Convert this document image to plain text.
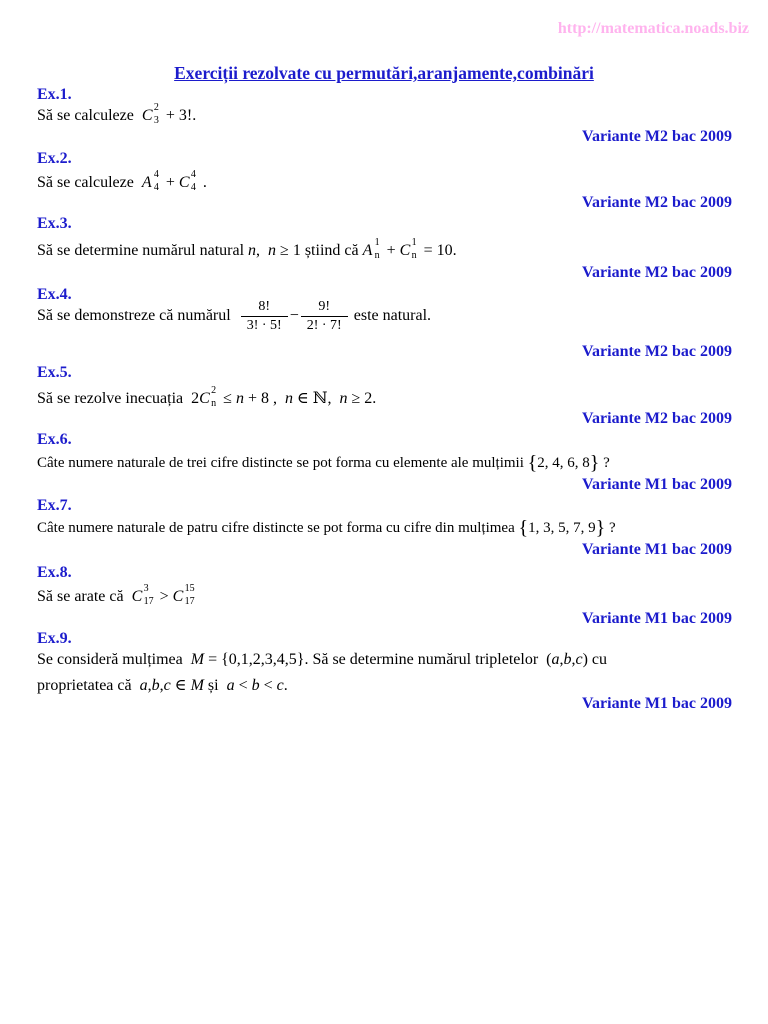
http://matematica.noads.biz
Exerciții rezolvate cu permutări,aranjamente,combinări
Ex.1.
Să se calculeze C 2
3 + 3!.
Variante M2 bac 2009
Ex.2.
Să se calculeze A 4
4 + C 4
4 .
Variante M2 bac 2009
Ex.3.
Să se determine numărul natural n,  n ≥ 1 știind că A 1
n + C 1
n = 10.
Variante M2 bac 2009
Ex.4.
Să se demonstreze că numărul $\frac{8!}{3! \cdot 5!} - \frac{9!}{2! \cdot 7!}$ este natural.
Variante M2 bac 2009
Ex.5.
Să se rezolve inecuația  2 C 2
n ≤ n + 8 ,  n ∈ ℕ,  n ≥ 2.
Variante M2 bac 2009
Ex.6.
Câte numere naturale de trei cifre distincte se pot forma cu elemente ale mulțimii {2, 4, 6, 8} ?
Variante M1 bac 2009
Ex.7.
Câte numere naturale de patru cifre distincte se pot forma cu cifre din mulțimea {1, 3, 5, 7, 9} ?
Variante M1 bac 2009
Ex.8.
Să se arate că C 3
17 > C 15
17
Variante M1 bac 2009
Ex.9.
Se consideră mulțimea M = {0,1,2,3,4,5}. Să se determine numărul tripletelor  (a,b,c) cu
proprietatea că a,b,c ∈ M și a < b < c.
Variante M1 bac 2009
